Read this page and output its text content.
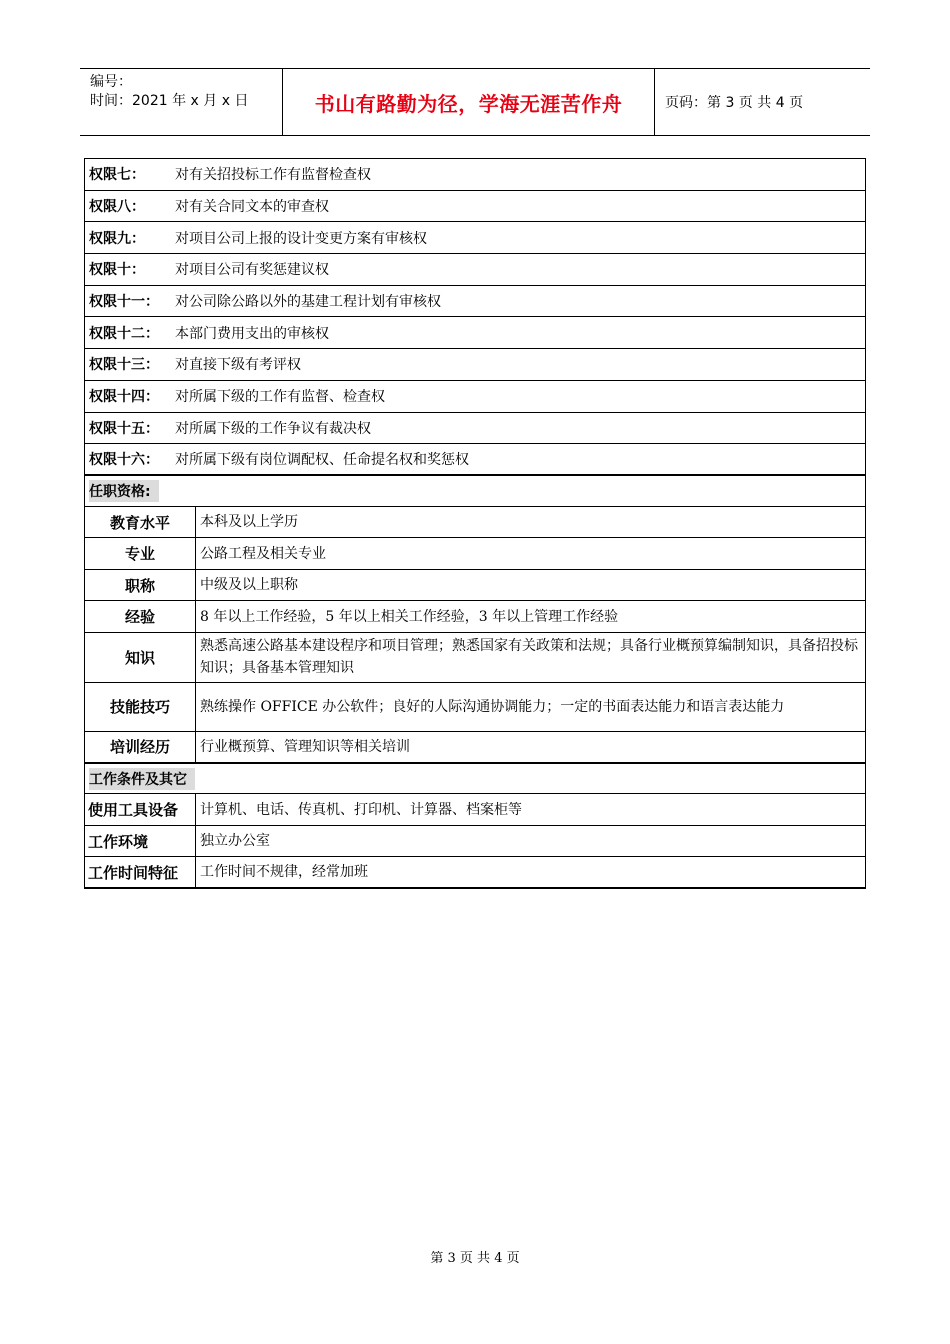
编号：
时间：2021 年 x 月 x 日	书山有路勤为径，学海无涯苦作舟	页码：第 3 页 共 4 页
权限七： 对有关招投标工作有监督检查权	
权限八： 对有关合同文本的审查权	
权限九： 对项目公司上报的设计变更方案有审核权	
权限十： 对项目公司有奖惩建议权	
权限十一： 对公司除公路以外的基建工程计划有审核权	
权限十二： 本部门费用支出的审核权	
权限十三： 对直接下级有考评权	
权限十四： 对所属下级的工作有监督、检查权	
权限十五： 对所属下级的工作争议有裁决权	
权限十六： 对所属下级有岗位调配权、任命提名权和奖惩权	
任职资格:	
教育水平	本科及以上学历
专业	公路工程及相关专业
职称	中级及以上职称
经验	8 年以上工作经验，5 年以上相关工作经验，3 年以上管理工作经验
知识	熟悉高速公路基本建设程序和项目管理；熟悉国家有关政策和法规；具备行业概预算编制知识，具备招投标知识；具备基本管理知识
技能技巧	熟练操作 OFFICE 办公软件；良好的人际沟通协调能力；一定的书面表达能力和语言表达能力
培训经历	行业概预算、管理知识等相关培训
工作条件及其它	
使用工具设备	计算机、电话、传真机、打印机、计算器、档案柜等
工作环境	独立办公室
工作时间特征	工作时间不规律，经常加班
第 3 页 共 4 页
